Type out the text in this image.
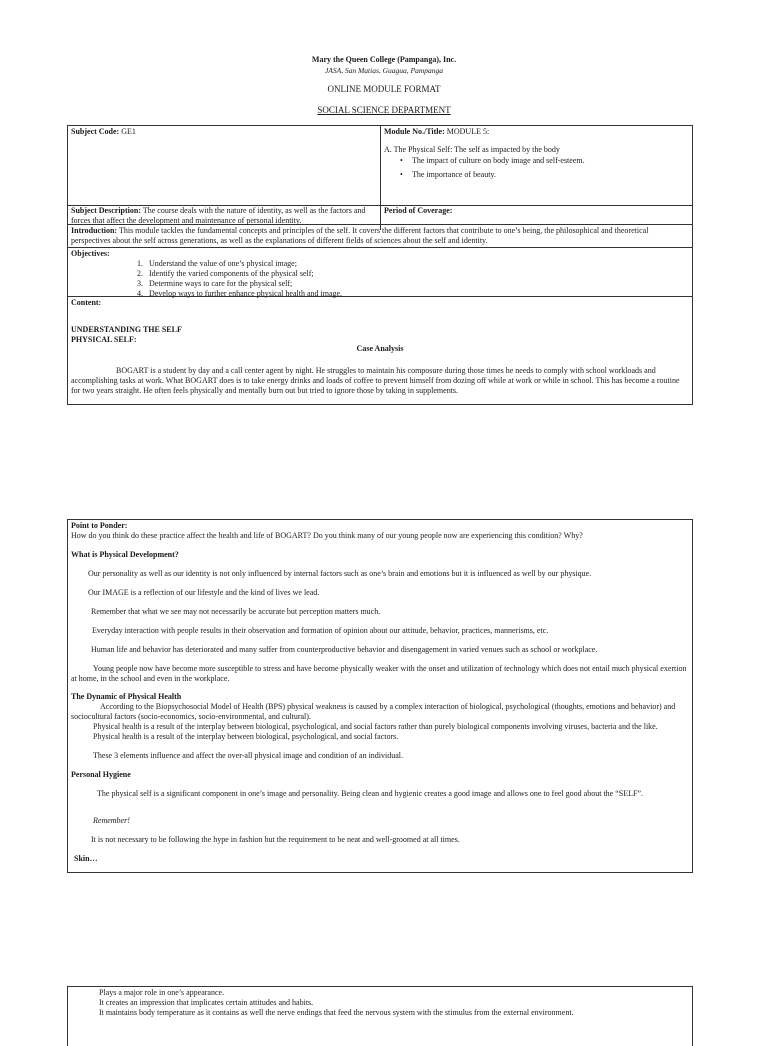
Mary the Queen College (Pampanga), Inc.
JASA, San Matias, Guagua, Pampanga
ONLINE MODULE FORMAT
SOCIAL SCIENCE DEPARTMENT
Subject Code: GE1	Module No./Title: MODULE 5:
A. The Physical Self: The self as impacted by the body
• The impact of culture on body image and self-esteem.
• The importance of beauty.
Subject Description: The course deals with the nature of identity, as well as the factors and forces that affect the development and maintenance of personal identity.
Period of Coverage:
Introduction: This module tackles the fundamental concepts and principles of the self. It covers the different factors that contribute to one’s being, the philosophical and theoretical perspectives about the self across generations, as well as the explanations of different fields of sciences about the self and identity.
Objectives:
1. Understand the value of one’s physical image;
2. Identify the varied components of the physical self;
3. Determine ways to care for the physical self;
4. Develop ways to further enhance physical health and image.
Content:
UNDERSTANDING THE SELF
PHYSICAL SELF:
Case Analysis

BOGART is a student by day and a call center agent by night. He struggles to maintain his composure during those times he needs to comply with school workloads and accomplishing tasks at work. What BOGART does is to take energy drinks and loads of coffee to prevent himself from dozing off while at work or while in school. This has become a routine for two years straight. He often feels physically and mentally burn out but tried to ignore those by taking in supplements.

Point to Ponder:
How do you think do these practice affect the health and life of BOGART? Do you think many of our young people now are experiencing this condition? Why?
What is Physical Development?

Our personality as well as our identity is not only influenced by internal factors such as one’s brain and emotions but it is influenced as well by our physique.

Our IMAGE is a reflection of our lifestyle and the kind of lives we lead.

Remember that what we see may not necessarily be accurate but perception matters much.

Everyday interaction with people results in their observation and formation of opinion about our attitude, behavior, practices, mannerisms, etc.

Human life and behavior has deteriorated and many suffer from counterproductive behavior and disengagement in varied venues such as school or workplace.

Young people now have become more susceptible to stress and have become physically weaker with the onset and utilization of technology which does not entail much physical exertion at home, in the school and even in the workplace.

The Dynamic of Physical Health

According to the Biopsychosocial Model of Health (BPS) physical weakness is caused by a complex interaction of biological, psychological (thoughts, emotions and behavior) and sociocultural factors (socio-economics, socio-environmental, and cultural).

Physical health is a result of the interplay between biological, psychological, and social factors rather than purely biological components involving viruses, bacteria and the like.

Physical health is a result of the interplay between biological, psychological, and social factors.

These 3 elements influence and affect the over-all physical image and condition of an individual.

Personal Hygiene

The physical self is a significant component in one’s image and personality. Being clean and hygienic creates a good image and allows one to feel good about the “SELF”.

Remember!

It is not necessary to be following the hype in fashion but the requirement to be neat and well-groomed at all times.

Skin…
Plays a major role in one’s appearance.
It creates an impression that implicates certain attitudes and habits.
It maintains body temperature as it contains as well the nerve endings that feed the nervous system with the stimulus from the external environment.
